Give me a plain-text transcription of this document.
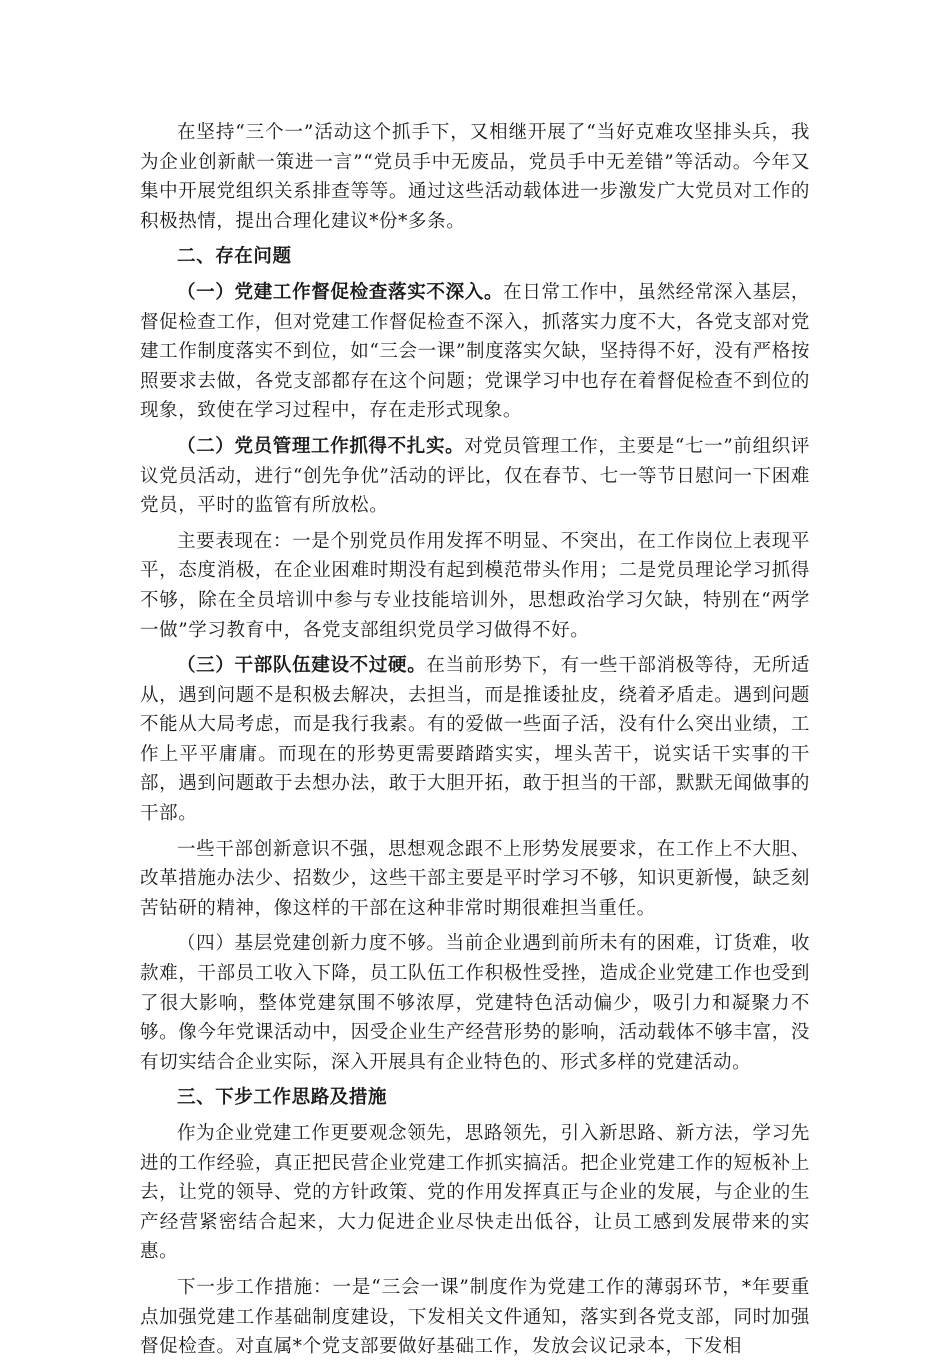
在坚持“三个一”活动这个抓手下，又相继开展了“当好克难攻坚排头兵，我为企业创新献一策进一言”“党员手中无废品，党员手中无差错”等活动。今年又集中开展党组织关系排查等等。通过这些活动载体进一步激发广大党员对工作的积极热情，提出合理化建议*份*多条。

二、存在问题

（一）党建工作督促检查落实不深入。在日常工作中，虽然经常深入基层，督促检查工作，但对党建工作督促检查不深入，抓落实力度不大，各党支部对党建工作制度落实不到位，如“三会一课”制度落实欠缺，坚持得不好，没有严格按照要求去做，各党支部都存在这个问题；党课学习中也存在着督促检查不到位的现象，致使在学习过程中，存在走形式现象。

（二）党员管理工作抓得不扎实。对党员管理工作，主要是“七一”前组织评议党员活动，进行“创先争优”活动的评比，仅在春节、七一等节日慰问一下困难党员，平时的监管有所放松。

主要表现在：一是个别党员作用发挥不明显、不突出，在工作岗位上表现平平，态度消极，在企业困难时期没有起到模范带头作用；二是党员理论学习抓得不够，除在全员培训中参与专业技能培训外，思想政治学习欠缺，特别在“两学一做”学习教育中，各党支部组织党员学习做得不好。

（三）干部队伍建设不过硬。在当前形势下，有一些干部消极等待，无所适从，遇到问题不是积极去解决，去担当，而是推诿扯皮，绕着矛盾走。遇到问题不能从大局考虑，而是我行我素。有的爱做一些面子活，没有什么突出业绩，工作上平平庸庸。而现在的形势更需要踏踏实实，埋头苦干，说实话干实事的干部，遇到问题敢于去想办法，敢于大胆开拓，敢于担当的干部，默默无闻做事的干部。

一些干部创新意识不强，思想观念跟不上形势发展要求，在工作上不大胆、改革措施办法少、招数少，这些干部主要是平时学习不够，知识更新慢，缺乏刻苦钻研的精神，像这样的干部在这种非常时期很难担当重任。

（四）基层党建创新力度不够。当前企业遇到前所未有的困难，订货难，收款难，干部员工收入下降，员工队伍工作积极性受挫，造成企业党建工作也受到了很大影响，整体党建氛围不够浓厚，党建特色活动偏少，吸引力和凝聚力不够。像今年党课活动中，因受企业生产经营形势的影响，活动载体不够丰富，没有切实结合企业实际，深入开展具有企业特色的、形式多样的党建活动。

三、下步工作思路及措施

作为企业党建工作更要观念领先，思路领先，引入新思路、新方法，学习先进的工作经验，真正把民营企业党建工作抓实搞活。把企业党建工作的短板补上去，让党的领导、党的方针政策、党的作用发挥真正与企业的发展，与企业的生产经营紧密结合起来，大力促进企业尽快走出低谷，让员工感到发展带来的实惠。

下一步工作措施：一是“三会一课”制度作为党建工作的薄弱环节，*年要重点加强党建工作基础制度建设，下发相关文件通知，落实到各党支部，同时加强督促检查。对直属*个党支部要做好基础工作，发放会议记录本，下发相
